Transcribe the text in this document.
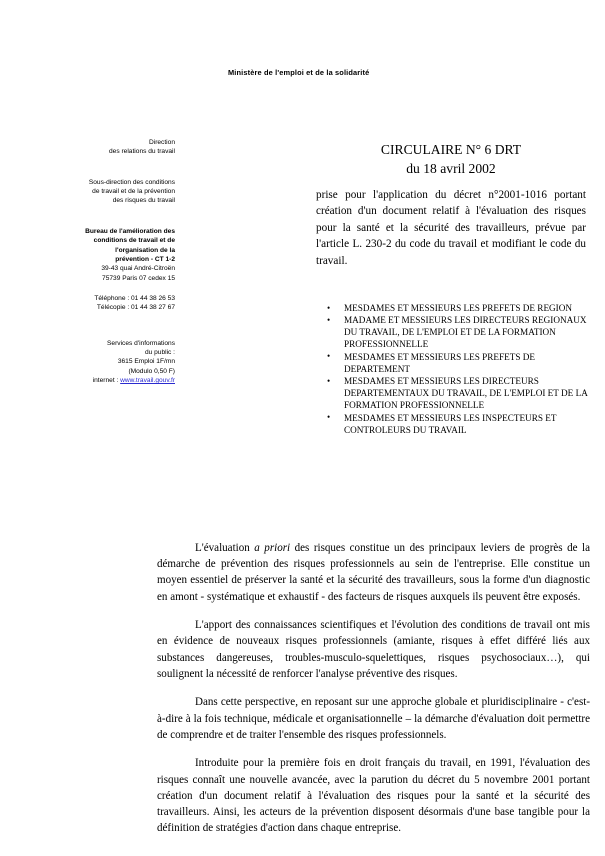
Ministère de l'emploi et de la solidarité
Direction
des relations du travail
Sous-direction des conditions
de travail et de la prévention
des risques du travail
Bureau de l'amélioration des
conditions de travail et de
l'organisation de la
prévention - CT 1-2
39-43 quai André-Citroën
75739 Paris 07 cedex 15
Téléphone : 01 44 38 26 53
Télécopie : 01 44 38 27 67
Services d'informations
du public :
3615 Emploi 1F/mn
(Modulo 0,50 F)
internet : www.travail.gouv.fr
CIRCULAIRE N° 6 DRT
du 18 avril 2002
prise pour l'application du décret n°2001-1016 portant création d'un document relatif à l'évaluation des risques pour la santé et la sécurité des travailleurs, prévue par l'article L. 230-2 du code du travail et modifiant le code du travail.
• MESDAMES ET MESSIEURS LES PREFETS DE REGION
• MADAME ET MESSIEURS LES DIRECTEURS REGIONAUX DU TRAVAIL, DE L'EMPLOI ET DE LA FORMATION PROFESSIONNELLE
• MESDAMES ET MESSIEURS LES PREFETS DE DEPARTEMENT
• MESDAMES ET MESSIEURS LES DIRECTEURS DEPARTEMENTAUX DU TRAVAIL, DE L'EMPLOI ET DE LA FORMATION PROFESSIONNELLE
• MESDAMES ET MESSIEURS LES INSPECTEURS ET CONTROLEURS DU TRAVAIL

L'évaluation a priori des risques constitue un des principaux leviers de progrès de la démarche de prévention des risques professionnels au sein de l'entreprise. Elle constitue un moyen essentiel de préserver la santé et la sécurité des travailleurs, sous la forme d'un diagnostic en amont - systématique et exhaustif - des facteurs de risques auxquels ils peuvent être exposés.

L'apport des connaissances scientifiques et l'évolution des conditions de travail ont mis en évidence de nouveaux risques professionnels (amiante, risques à effet différé liés aux substances dangereuses, troubles-musculo-squelettiques, risques psychosociaux…), qui soulignent la nécessité de renforcer l'analyse préventive des risques.

Dans cette perspective, en reposant sur une approche globale et pluridisciplinaire - c'est-à-dire à la fois technique, médicale et organisationnelle – la démarche d'évaluation doit permettre de comprendre et de traiter l'ensemble des risques professionnels.

Introduite pour la première fois en droit français du travail, en 1991, l'évaluation des risques connaît une nouvelle avancée, avec la parution du décret du 5 novembre 2001 portant création d'un document relatif à l'évaluation des risques pour la santé et la sécurité des travailleurs. Ainsi, les acteurs de la prévention disposent désormais d'une base tangible pour la définition de stratégies d'action dans chaque entreprise.
